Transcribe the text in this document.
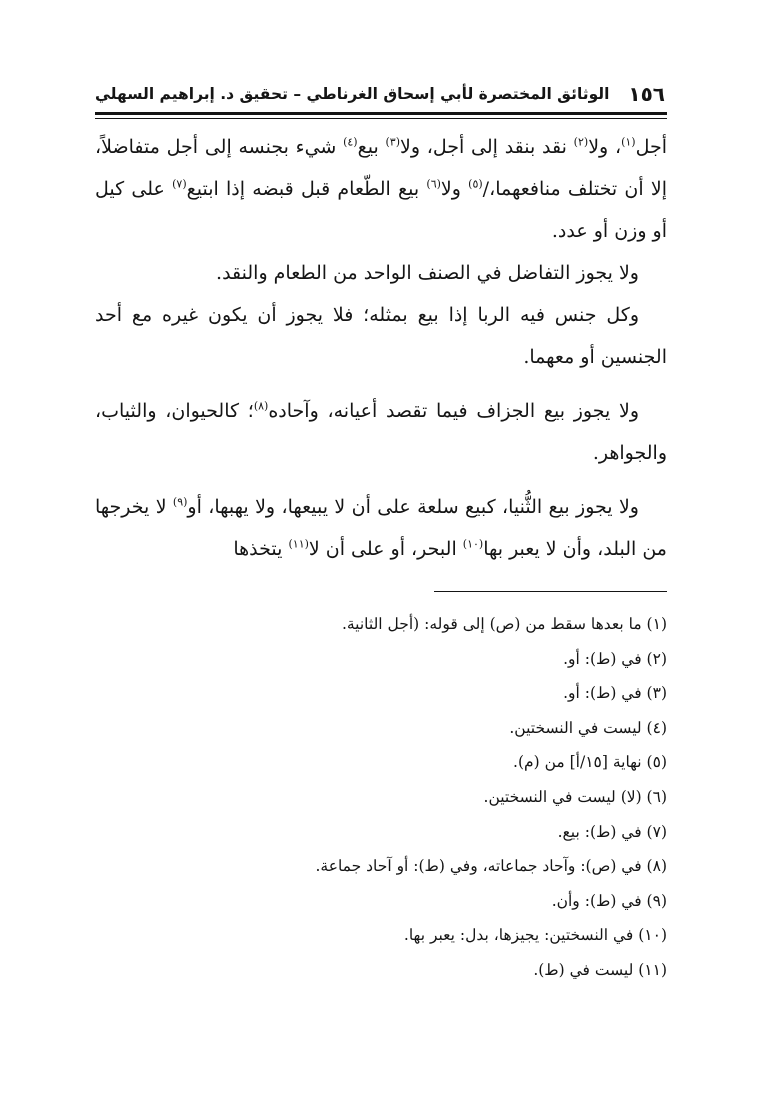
١٥٦
الوثائق المختصرة لأبي إسحاق الغرناطي – تحقيق د. إبراهيم السهلي

أجل$^{(١)}$، ولا$^{(٢)}$ نقد بنقد إلى أجل، ولا$^{(٣)}$ بيع$^{(٤)}$ شيء بجنسه إلى أجل متفاضلاً، إلا أن تختلف منافعهما،/$^{(٥)}$ ولا$^{(٦)}$ بيع الطّعام قبل قبضه إذا ابتيع$^{(٧)}$ على كيل أو وزن أو عدد.

ولا يجوز التفاضل في الصنف الواحد من الطعام والنقد.

وكل جنس فيه الربا إذا بيع بمثله؛ فلا يجوز أن يكون غيره مع أحد الجنسين أو معهما.

ولا يجوز بيع الجزاف فيما تقصد أعيانه، وآحاده$^{(٨)}$؛ كالحيوان، والثياب، والجواهر.

ولا يجوز بيع الثُّنيا، كبيع سلعة على أن لا يبيعها، ولا يهبها، أو$^{(٩)}$ لا يخرجها من البلد، وأن لا يعبر بها$^{(١٠)}$ البحر، أو على أن لا$^{(١١)}$ يتخذها

(١) ما بعدها سقط من (ص) إلى قوله: (أجل الثانية.
(٢) في (ط): أو.
(٣) في (ط): أو.
(٤) ليست في النسختين.
(٥) نهاية [١٥/أ] من (م).
(٦) (لا) ليست في النسختين.
(٧) في (ط): بيع.
(٨) في (ص): وآحاد جماعاته، وفي (ط): أو آحاد جماعة.
(٩) في (ط): وأن.
(١٠) في النسختين: يجيزها، بدل: يعبر بها.
(١١) ليست في (ط).
